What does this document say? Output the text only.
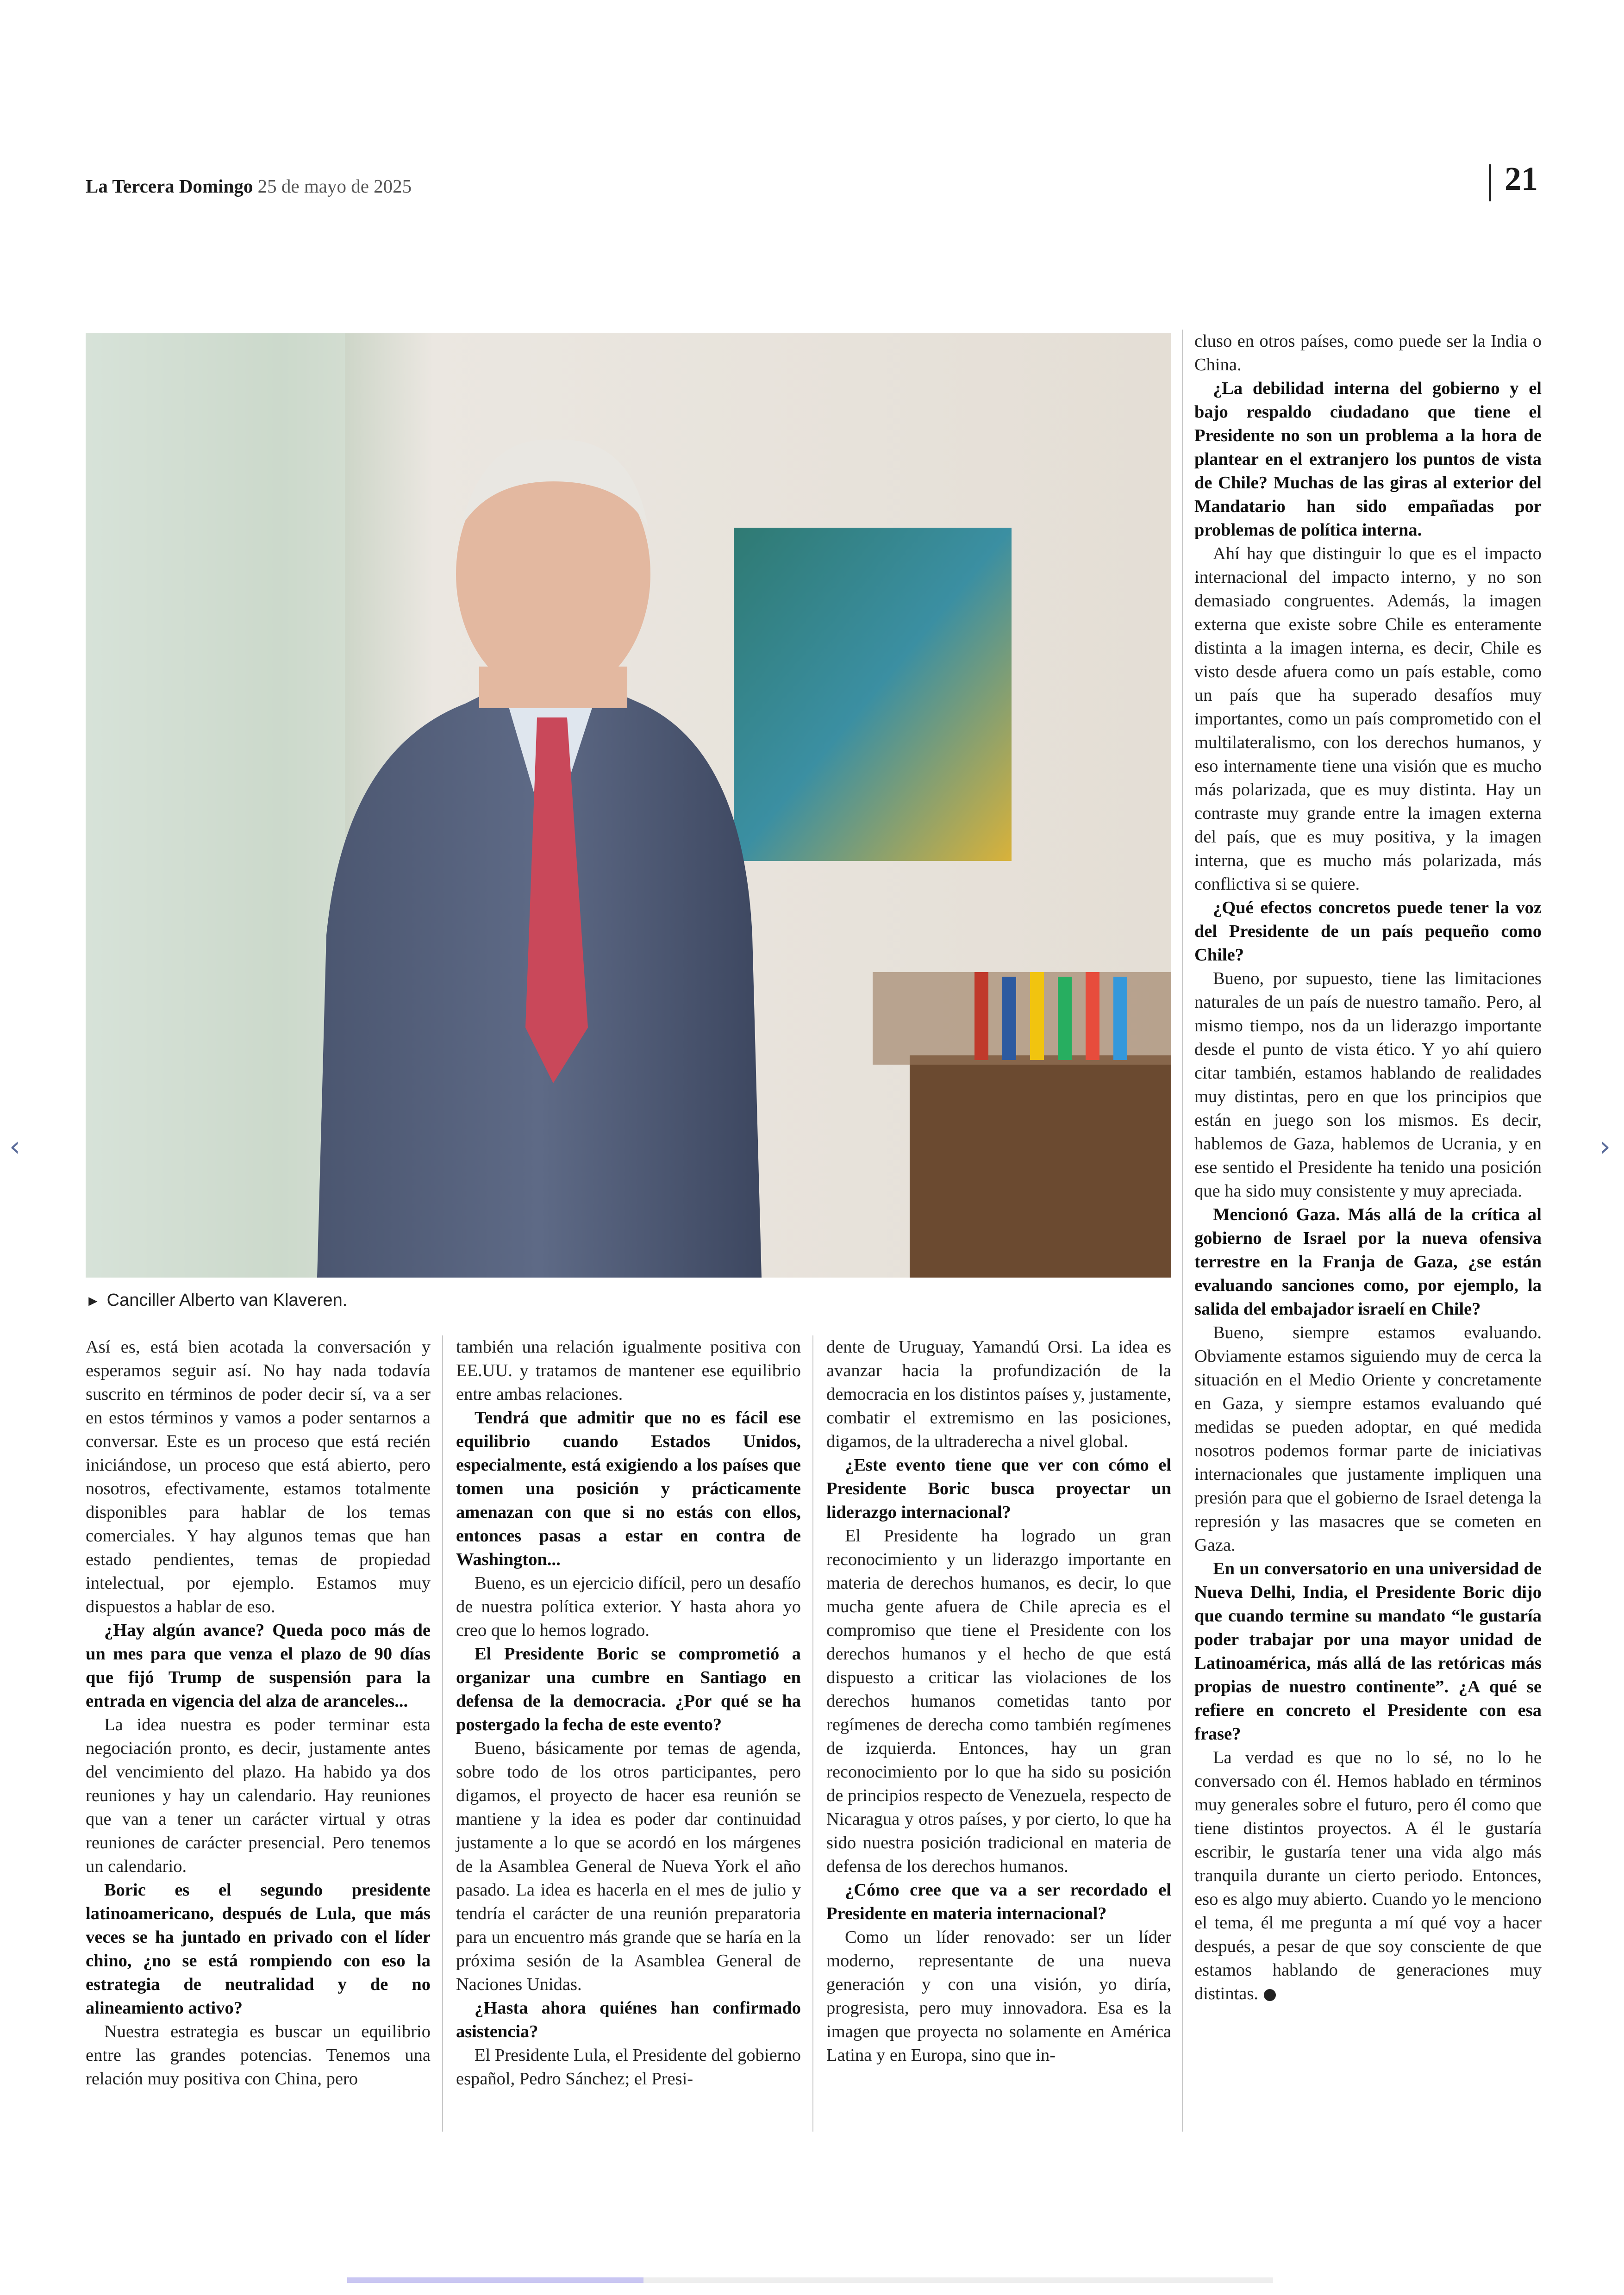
La Tercera Domingo 25 de mayo de 2025	21
► Canciller Alberto van Klaveren.

Así es, está bien acotada la conversación y esperamos seguir así. No hay nada todavía suscrito en términos de poder decir sí, va a ser en estos términos y vamos a poder sentarnos a conversar. Este es un proceso que está recién iniciándose, un proceso que está abierto, pero nosotros, efectivamente, estamos totalmente disponibles para hablar de los temas comerciales. Y hay algunos temas que han estado pendientes, temas de propiedad intelectual, por ejemplo. Estamos muy dispuestos a hablar de eso.

¿Hay algún avance? Queda poco más de un mes para que venza el plazo de 90 días que fijó Trump de suspensión para la entrada en vigencia del alza de aranceles...

La idea nuestra es poder terminar esta negociación pronto, es decir, justamente antes del vencimiento del plazo. Ha habido ya dos reuniones y hay un calendario. Hay reuniones que van a tener un carácter virtual y otras reuniones de carácter presencial. Pero tenemos un calendario.

Boric es el segundo presidente latinoamericano, después de Lula, que más veces se ha juntado en privado con el líder chino, ¿no se está rompiendo con eso la estrategia de neutralidad y de no alineamiento activo?

Nuestra estrategia es buscar un equilibrio entre las grandes potencias. Tenemos una relación muy positiva con China, pero

también una relación igualmente positiva con EE.UU. y tratamos de mantener ese equilibrio entre ambas relaciones.

Tendrá que admitir que no es fácil ese equilibrio cuando Estados Unidos, especialmente, está exigiendo a los países que tomen una posición y prácticamente amenazan con que si no estás con ellos, entonces pasas a estar en contra de Washington...

Bueno, es un ejercicio difícil, pero un desafío de nuestra política exterior. Y hasta ahora yo creo que lo hemos logrado.

El Presidente Boric se comprometió a organizar una cumbre en Santiago en defensa de la democracia. ¿Por qué se ha postergado la fecha de este evento?

Bueno, básicamente por temas de agenda, sobre todo de los otros participantes, pero digamos, el proyecto de hacer esa reunión se mantiene y la idea es poder dar continuidad justamente a lo que se acordó en los márgenes de la Asamblea General de Nueva York el año pasado. La idea es hacerla en el mes de julio y tendría el carácter de una reunión preparatoria para un encuentro más grande que se haría en la próxima sesión de la Asamblea General de Naciones Unidas.

¿Hasta ahora quiénes han confirmado asistencia?

El Presidente Lula, el Presidente del gobierno español, Pedro Sánchez; el Presi-

dente de Uruguay, Yamandú Orsi. La idea es avanzar hacia la profundización de la democracia en los distintos países y, justamente, combatir el extremismo en las posiciones, digamos, de la ultraderecha a nivel global.

¿Este evento tiene que ver con cómo el Presidente Boric busca proyectar un liderazgo internacional?

El Presidente ha logrado un gran reconocimiento y un liderazgo importante en materia de derechos humanos, es decir, lo que mucha gente afuera de Chile aprecia es el compromiso que tiene el Presidente con los derechos humanos y el hecho de que está dispuesto a criticar las violaciones de los derechos humanos cometidas tanto por regímenes de derecha como también regímenes de izquierda. Entonces, hay un gran reconocimiento por lo que ha sido su posición de principios respecto de Venezuela, respecto de Nicaragua y otros países, y por cierto, lo que ha sido nuestra posición tradicional en materia de defensa de los derechos humanos.

¿Cómo cree que va a ser recordado el Presidente en materia internacional?

Como un líder renovado: ser un líder moderno, representante de una nueva generación y con una visión, yo diría, progresista, pero muy innovadora. Esa es la imagen que proyecta no solamente en América Latina y en Europa, sino que in-

cluso en otros países, como puede ser la India o China.

¿La debilidad interna del gobierno y el bajo respaldo ciudadano que tiene el Presidente no son un problema a la hora de plantear en el extranjero los puntos de vista de Chile? Muchas de las giras al exterior del Mandatario han sido empañadas por problemas de política interna.

Ahí hay que distinguir lo que es el impacto internacional del impacto interno, y no son demasiado congruentes. Además, la imagen externa que existe sobre Chile es enteramente distinta a la imagen interna, es decir, Chile es visto desde afuera como un país estable, como un país que ha superado desafíos muy importantes, como un país comprometido con el multilateralismo, con los derechos humanos, y eso internamente tiene una visión que es mucho más polarizada, que es muy distinta. Hay un contraste muy grande entre la imagen externa del país, que es muy positiva, y la imagen interna, que es mucho más polarizada, más conflictiva si se quiere.

¿Qué efectos concretos puede tener la voz del Presidente de un país pequeño como Chile?

Bueno, por supuesto, tiene las limitaciones naturales de un país de nuestro tamaño. Pero, al mismo tiempo, nos da un liderazgo importante desde el punto de vista ético. Y yo ahí quiero citar también, estamos hablando de realidades muy distintas, pero en que los principios que están en juego son los mismos. Es decir, hablemos de Gaza, hablemos de Ucrania, y en ese sentido el Presidente ha tenido una posición que ha sido muy consistente y muy apreciada.

Mencionó Gaza. Más allá de la crítica al gobierno de Israel por la nueva ofensiva terrestre en la Franja de Gaza, ¿se están evaluando sanciones como, por ejemplo, la salida del embajador israelí en Chile?

Bueno, siempre estamos evaluando. Obviamente estamos siguiendo muy de cerca la situación en el Medio Oriente y concretamente en Gaza, y siempre estamos evaluando qué medidas se pueden adoptar, en qué medida nosotros podemos formar parte de iniciativas internacionales que justamente impliquen una presión para que el gobierno de Israel detenga la represión y las masacres que se cometen en Gaza.

En un conversatorio en una universidad de Nueva Delhi, India, el Presidente Boric dijo que cuando termine su mandato “le gustaría poder trabajar por una mayor unidad de Latinoamérica, más allá de las retóricas más propias de nuestro continente”. ¿A qué se refiere en concreto el Presidente con esa frase?

La verdad es que no lo sé, no lo he conversado con él. Hemos hablado en términos muy generales sobre el futuro, pero él como que tiene distintos proyectos. A él le gustaría escribir, le gustaría tener una vida algo más tranquila durante un cierto periodo. Entonces, eso es algo muy abierto. Cuando yo le menciono el tema, él me pregunta a mí qué voy a hacer después, a pesar de que soy consciente de que estamos hablando de generaciones muy distintas.

‹	›
